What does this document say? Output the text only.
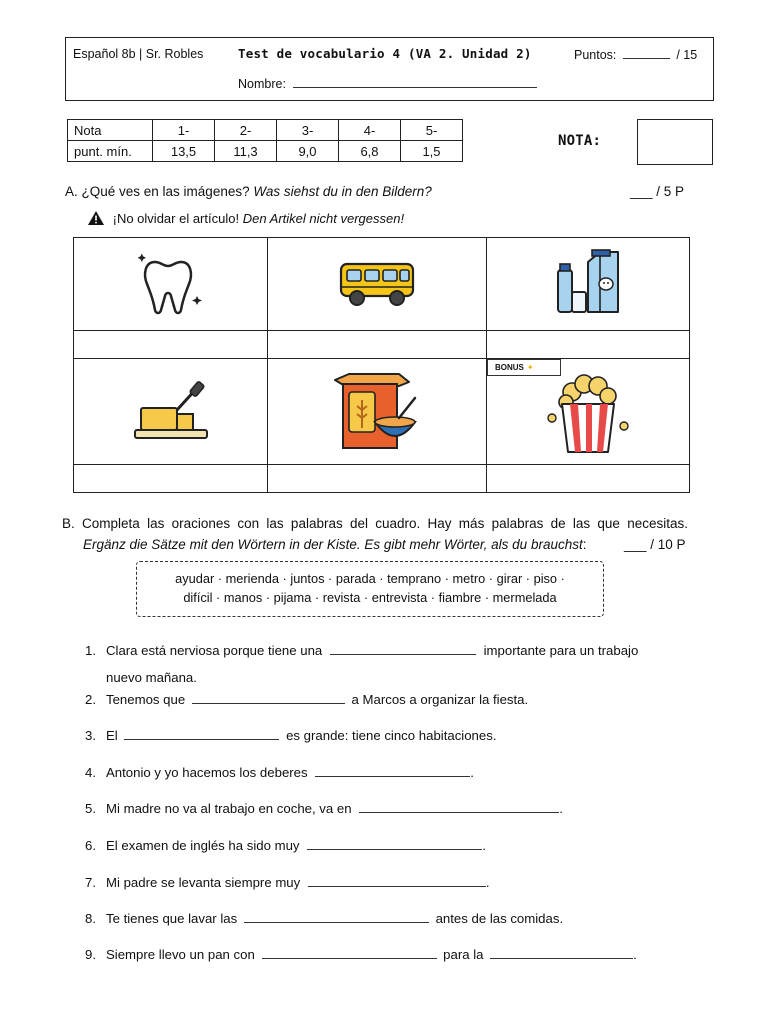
Español 8b | Sr. Robles	Test de vocabulario 4 (VA 2. Unidad 2)	Puntos:	/ 15
Nombre:
Nota	1-	2-	3-	4-	5-
punt. mín.	13,5	11,3	9,0	6,8	1,5
NOTA:
A. ¿Qué ves en las imágenes? Was siehst du in den Bildern?	___ / 5 P
¡No olvidar el artículo! Den Artikel nicht vergessen!

BONUS ✦

B. Completa las oraciones con las palabras del cuadro. Hay más palabras de las que necesitas.
Ergänz die Sätze mit den Wörtern in der Kiste. Es gibt mehr Wörter, als du brauchst:	___ / 10 P
ayudar · merienda · juntos · parada · temprano · metro · girar · piso ·
difícil · manos · pijama · revista · entrevista · fiambre · mermelada
1. Clara está nerviosa porque tiene una	importante para un trabajo
nuevo mañana.
2. Tenemos que	a Marcos a organizar la fiesta.
3. El	es grande: tiene cinco habitaciones.
4. Antonio y yo hacemos los deberes	.
5. Mi madre no va al trabajo en coche, va en	.
6. El examen de inglés ha sido muy	.
7. Mi padre se levanta siempre muy	.
8. Te tienes que lavar las	antes de las comidas.
9. Siempre llevo un pan con	para la	.
